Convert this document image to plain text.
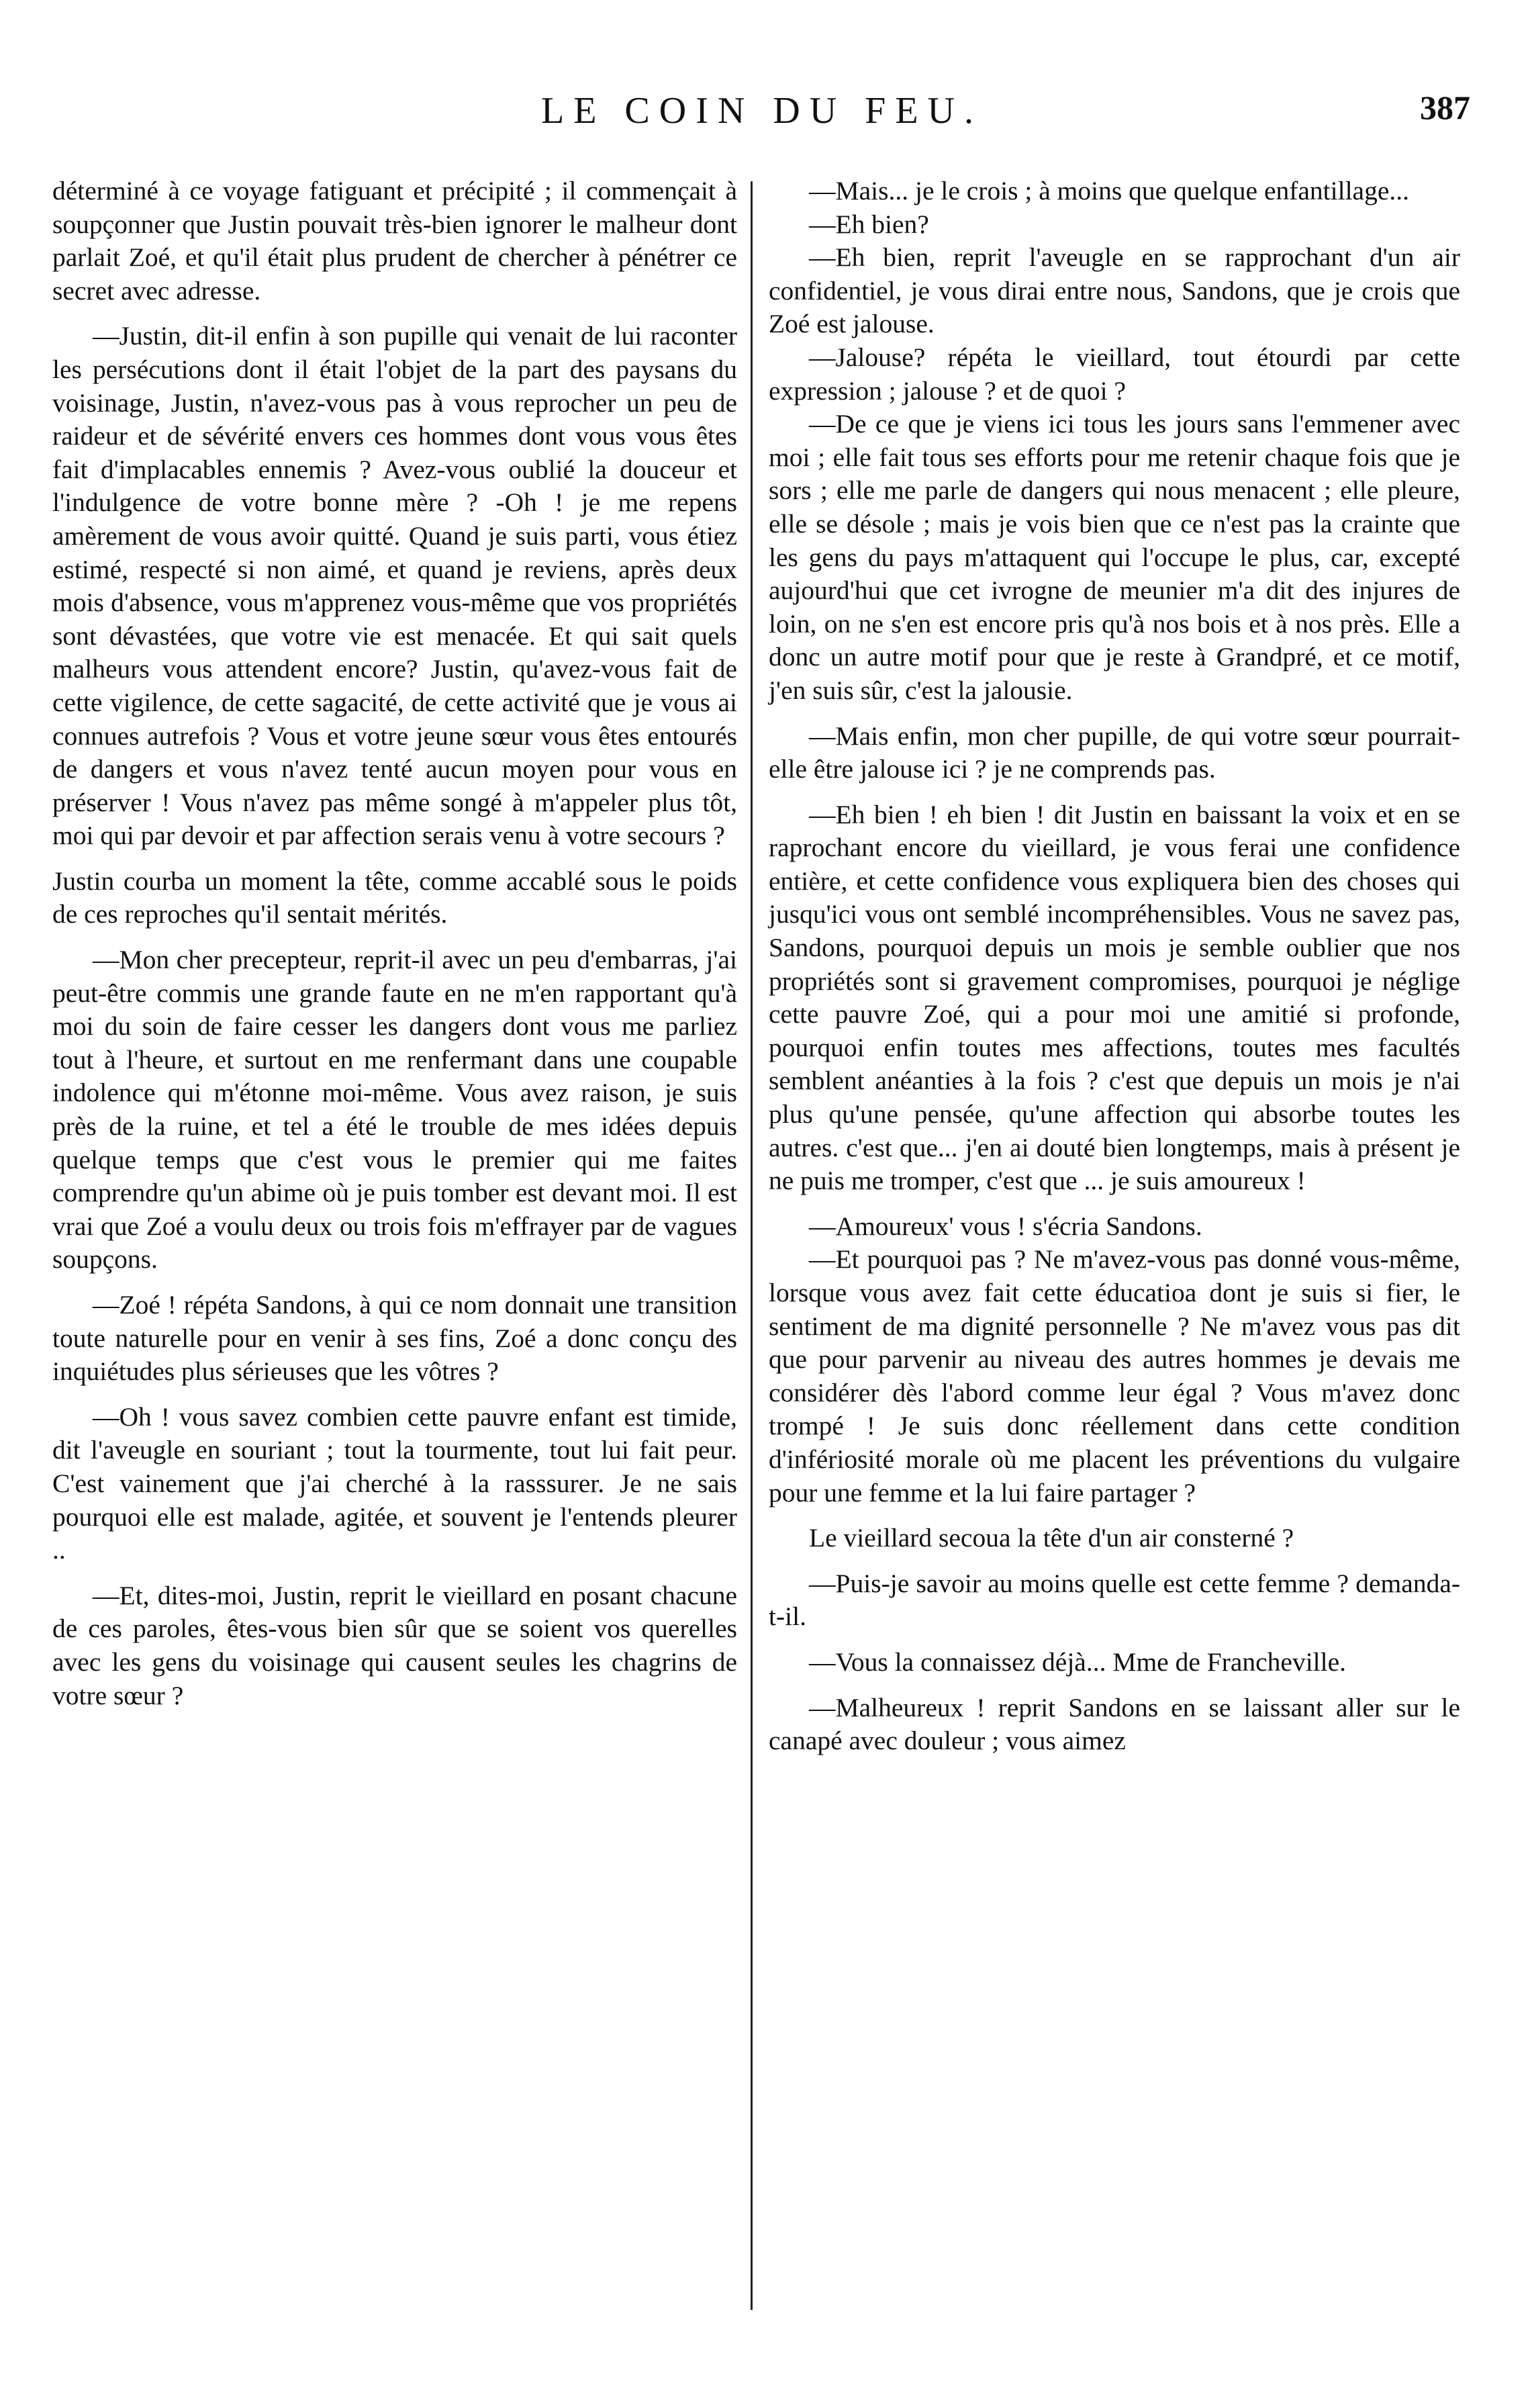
LE COIN DU FEU.	387

déterminé à ce voyage fatiguant et précipité ; il commençait à soupçonner que Justin pouvait très-bien ignorer le malheur dont parlait Zoé, et qu'il était plus prudent de chercher à pénétrer ce secret avec adresse.

—Justin, dit-il enfin à son pupille qui venait de lui raconter les persécutions dont il était l'objet de la part des paysans du voisinage, Justin, n'avez-vous pas à vous reprocher un peu de raideur et de sévérité envers ces hommes dont vous vous êtes fait d'implacables ennemis ? Avez-vous oublié la douceur et l'indulgence de votre bonne mère ? -Oh ! je me repens amèrement de vous avoir quitté. Quand je suis parti, vous étiez estimé, respecté si non aimé, et quand je reviens, après deux mois d'absence, vous m'apprenez vous-même que vos propriétés sont dévastées, que votre vie est menacée. Et qui sait quels malheurs vous attendent encore? Justin, qu'avez-vous fait de cette vigilence, de cette sagacité, de cette activité que je vous ai connues autrefois ? Vous et votre jeune sœur vous êtes entourés de dangers et vous n'avez tenté aucun moyen pour vous en préserver ! Vous n'avez pas même songé à m'appeler plus tôt, moi qui par devoir et par affection serais venu à votre secours ?

Justin courba un moment la tête, comme accablé sous le poids de ces reproches qu'il sentait mérités.

—Mon cher precepteur, reprit-il avec un peu d'embarras, j'ai peut-être commis une grande faute en ne m'en rapportant qu'à moi du soin de faire cesser les dangers dont vous me parliez tout à l'heure, et surtout en me renfermant dans une coupable indolence qui m'étonne moi-même. Vous avez raison, je suis près de la ruine, et tel a été le trouble de mes idées depuis quelque temps que c'est vous le premier qui me faites comprendre qu'un abime où je puis tomber est devant moi. Il est vrai que Zoé a voulu deux ou trois fois m'effrayer par de vagues soupçons.

—Zoé ! répéta Sandons, à qui ce nom donnait une transition toute naturelle pour en venir à ses fins, Zoé a donc conçu des inquiétudes plus sérieuses que les vôtres ?

—Oh ! vous savez combien cette pauvre enfant est timide, dit l'aveugle en souriant ; tout la tourmente, tout lui fait peur. C'est vainement que j'ai cherché à la rasssurer. Je ne sais pourquoi elle est malade, agitée, et souvent je l'entends pleurer ..

—Et, dites-moi, Justin, reprit le vieillard en posant chacune de ces paroles, êtes-vous bien sûr que se soient vos querelles avec les gens du voisinage qui causent seules les chagrins de votre sœur ?

—Mais... je le crois ; à moins que quelque enfantillage...

—Eh bien?

—Eh bien, reprit l'aveugle en se rapprochant d'un air confidentiel, je vous dirai entre nous, Sandons, que je crois que Zoé est jalouse.

—Jalouse? répéta le vieillard, tout étourdi par cette expression ; jalouse ? et de quoi ?

—De ce que je viens ici tous les jours sans l'emmener avec moi ; elle fait tous ses efforts pour me retenir chaque fois que je sors ; elle me parle de dangers qui nous menacent ; elle pleure, elle se désole ; mais je vois bien que ce n'est pas la crainte que les gens du pays m'attaquent qui l'occupe le plus, car, excepté aujourd'hui que cet ivrogne de meunier m'a dit des injures de loin, on ne s'en est encore pris qu'à nos bois et à nos près. Elle a donc un autre motif pour que je reste à Grandpré, et ce motif, j'en suis sûr, c'est la jalousie.

—Mais enfin, mon cher pupille, de qui votre sœur pourrait-elle être jalouse ici ? je ne comprends pas.

—Eh bien ! eh bien ! dit Justin en baissant la voix et en se raprochant encore du vieillard, je vous ferai une confidence entière, et cette confidence vous expliquera bien des choses qui jusqu'ici vous ont semblé incompréhensibles. Vous ne savez pas, Sandons, pourquoi depuis un mois je semble oublier que nos propriétés sont si gravement compromises, pourquoi je néglige cette pauvre Zoé, qui a pour moi une amitié si profonde, pourquoi enfin toutes mes affections, toutes mes facultés semblent anéanties à la fois ? c'est que depuis un mois je n'ai plus qu'une pensée, qu'une affection qui absorbe toutes les autres. c'est que... j'en ai douté bien longtemps, mais à présent je ne puis me tromper, c'est que ... je suis amoureux !

—Amoureux' vous ! s'écria Sandons.

—Et pourquoi pas ? Ne m'avez-vous pas donné vous-même, lorsque vous avez fait cette éducatioa dont je suis si fier, le sentiment de ma dignité personnelle ? Ne m'avez vous pas dit que pour parvenir au niveau des autres hommes je devais me considérer dès l'abord comme leur égal ? Vous m'avez donc trompé ! Je suis donc réellement dans cette condition d'infériosité morale où me placent les préventions du vulgaire pour une femme et la lui faire partager ?

Le vieillard secoua la tête d'un air consterné ?

—Puis-je savoir au moins quelle est cette femme ? demanda-t-il.

—Vous la connaissez déjà... Mme de Francheville.

—Malheureux ! reprit Sandons en se laissant aller sur le canapé avec douleur ; vous aimez
